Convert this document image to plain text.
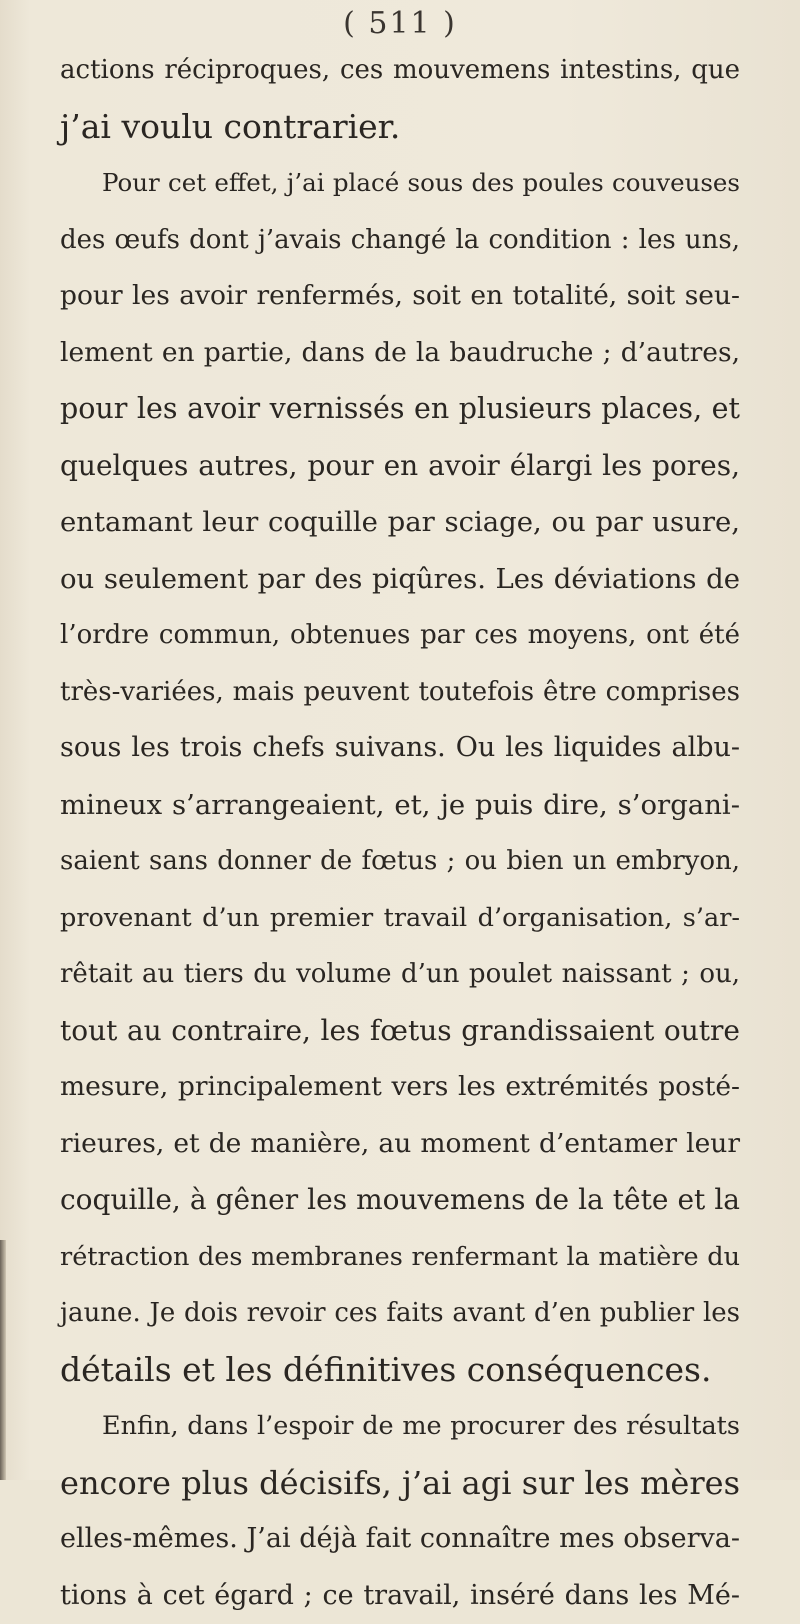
( 511 )
actions réciproques, ces mouvemens intestins, que
j’ai voulu contrarier.
Pour cet effet, j’ai placé sous des poules couveuses
des œufs dont j’avais changé la condition : les uns,
pour les avoir renfermés, soit en totalité, soit seu-
lement en partie, dans de la baudruche ; d’autres,
pour les avoir vernissés en plusieurs places, et
quelques autres, pour en avoir élargi les pores,
entamant leur coquille par sciage, ou par usure,
ou seulement par des piqûres. Les déviations de
l’ordre commun, obtenues par ces moyens, ont été
très-variées, mais peuvent toutefois être comprises
sous les trois chefs suivans. Ou les liquides albu-
mineux s’arrangeaient, et, je puis dire, s’organi-
saient sans donner de fœtus ; ou bien un embryon,
provenant d’un premier travail d’organisation, s’ar-
rêtait au tiers du volume d’un poulet naissant ; ou,
tout au contraire, les fœtus grandissaient outre
mesure, principalement vers les extrémités posté-
rieures, et de manière, au moment d’entamer leur
coquille, à gêner les mouvemens de la tête et la
rétraction des membranes renfermant la matière du
jaune. Je dois revoir ces faits avant d’en publier les
détails et les définitives conséquences.
Enfin, dans l’espoir de me procurer des résultats
encore plus décisifs, j’ai agi sur les mères
elles-mêmes. J’ai déjà fait connaître mes observa-
tions à cet égard ; ce travail, inséré dans les Mé-
